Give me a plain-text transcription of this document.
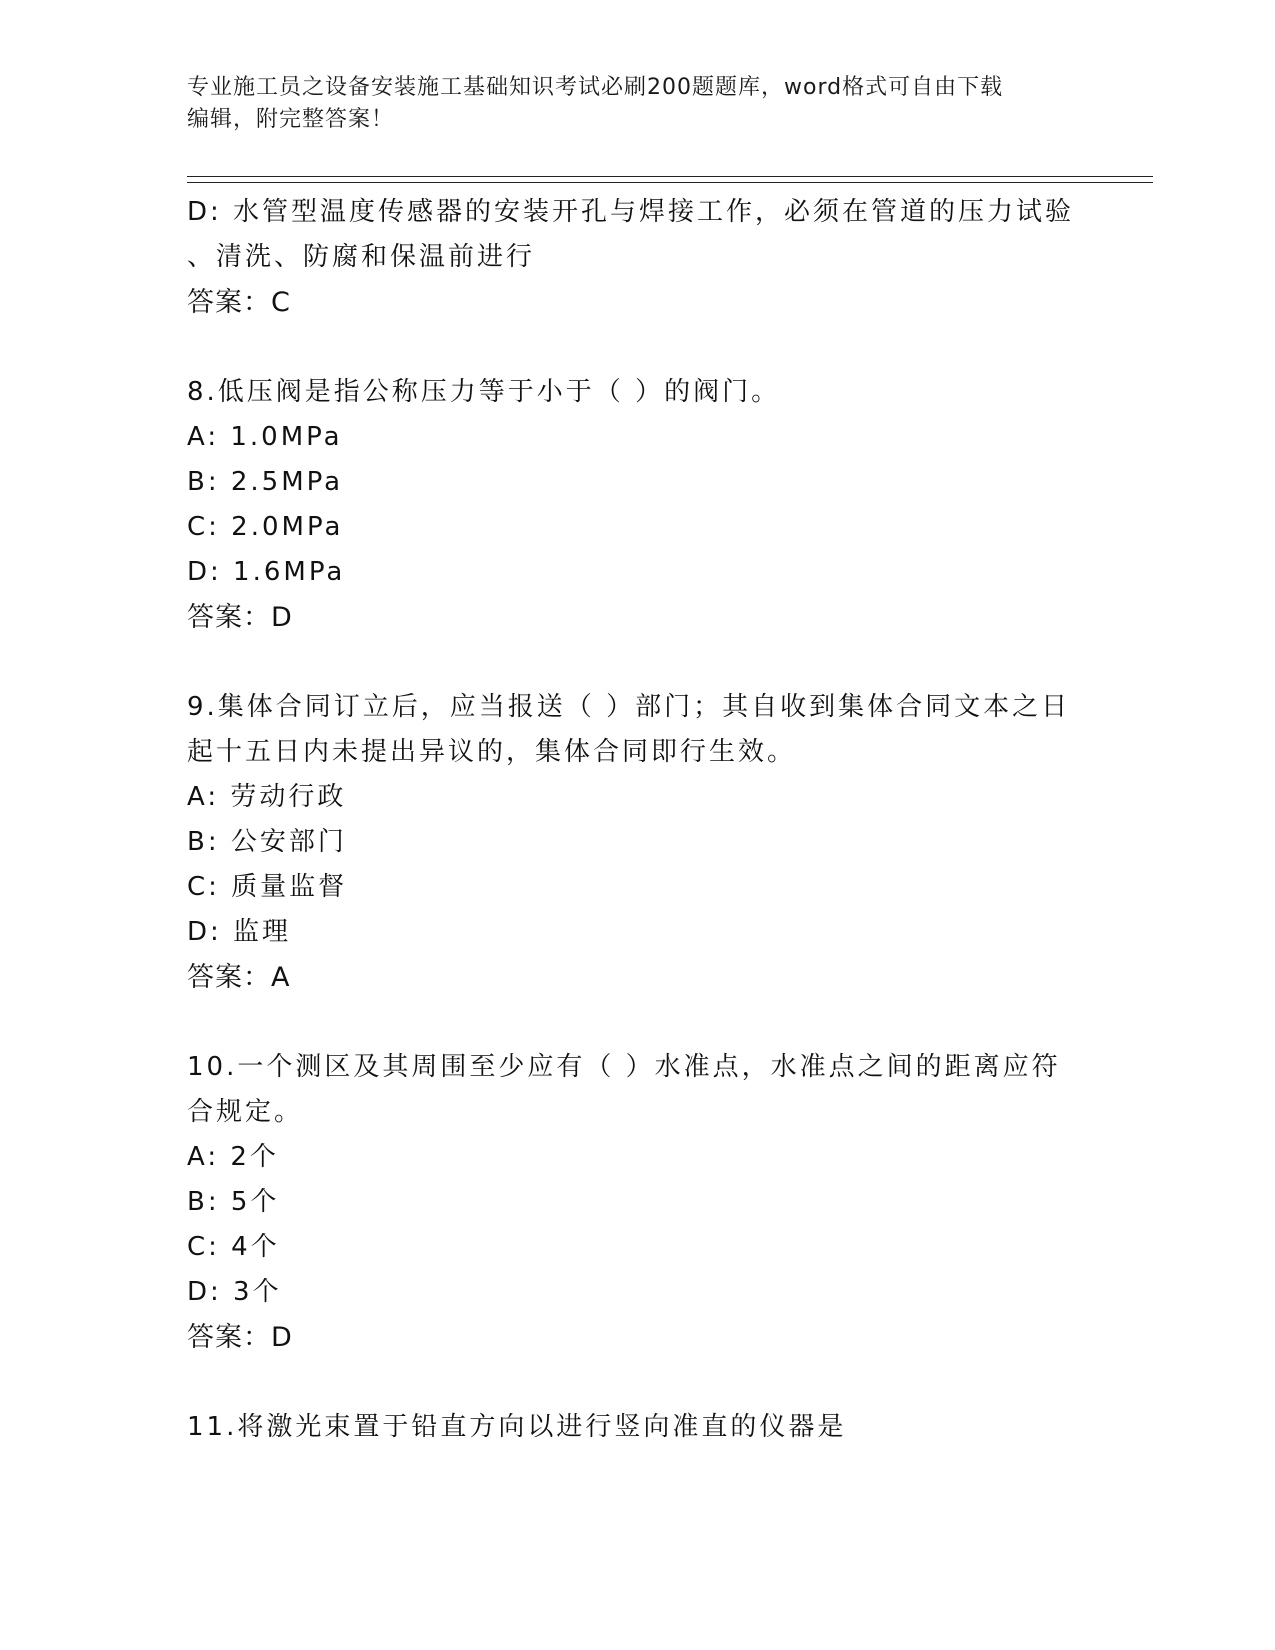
专业施工员之设备安装施工基础知识考试必刷200题题库，word格式可自由下载
编辑，附完整答案！
D: 水管型温度传感器的安装开孔与焊接工作，必须在管道的压力试验
、清洗、防腐和保温前进行
答案：C
8.低压阀是指公称压力等于小于（ ）的阀门。
A: 1.0MPa
B: 2.5MPa
C: 2.0MPa
D: 1.6MPa
答案：D
9.集体合同订立后，应当报送（ ）部门；其自收到集体合同文本之日
起十五日内未提出异议的，集体合同即行生效。
A: 劳动行政
B: 公安部门
C: 质量监督
D: 监理
答案：A
10.一个测区及其周围至少应有（ ）水准点，水准点之间的距离应符
合规定。
A: 2个
B: 5个
C: 4个
D: 3个
答案：D
11.将激光束置于铅直方向以进行竖向准直的仪器是
